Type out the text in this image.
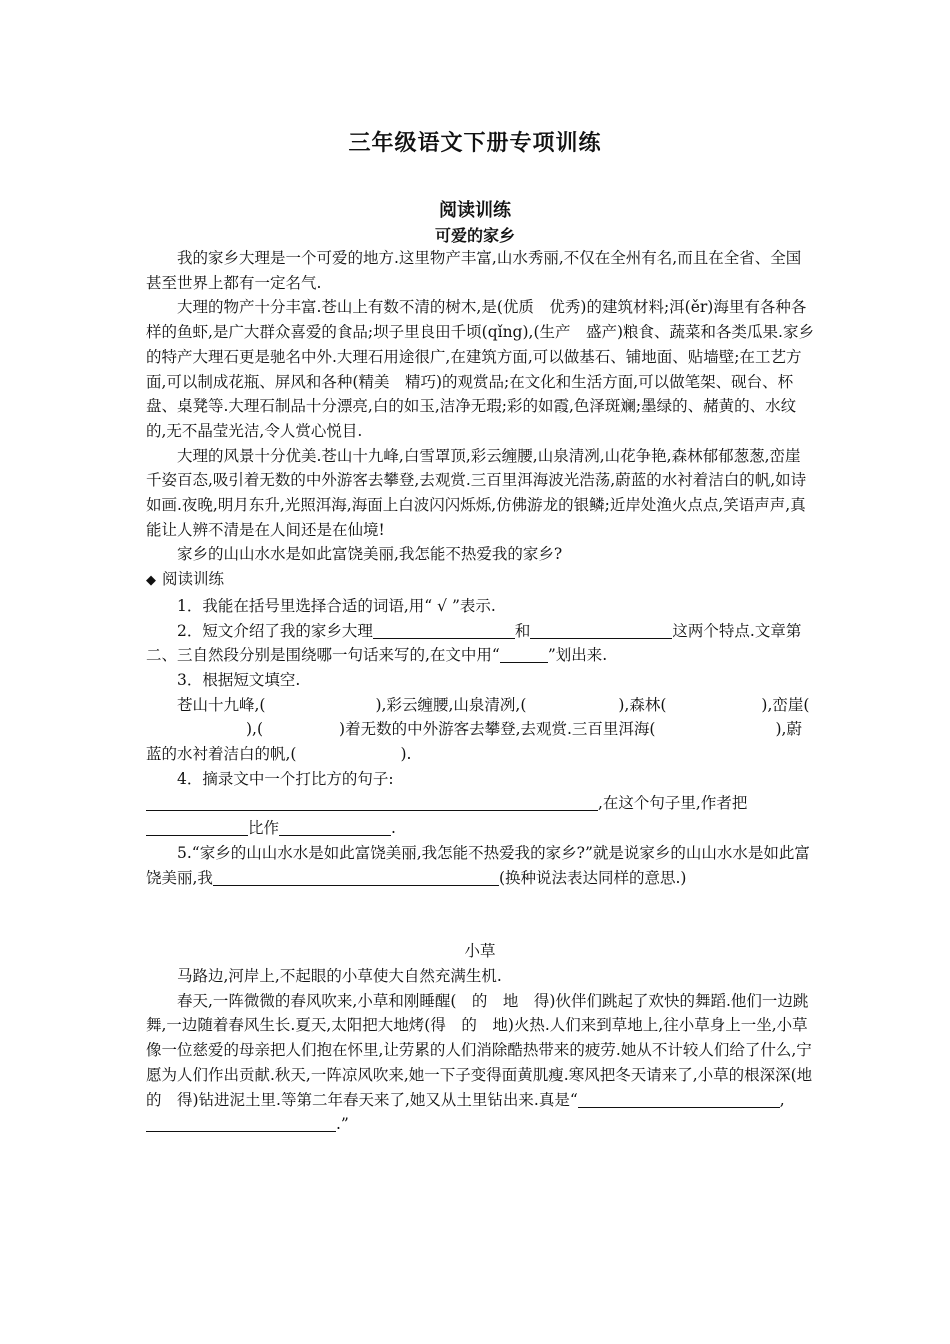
三年级语文下册专项训练
阅读训练
可爱的家乡

我的家乡大理是一个可爱的地方.这里物产丰富,山水秀丽,不仅在全州有名,而且在全省、全国甚至世界上都有一定名气.

大理的物产十分丰富.苍山上有数不清的树木,是(优质　优秀)的建筑材料;洱(ěr)海里有各种各样的鱼虾,是广大群众喜爱的食品;坝子里良田千顷(qǐng),(生产　盛产)粮食、蔬菜和各类瓜果.家乡的特产大理石更是驰名中外.大理石用途很广,在建筑方面,可以做基石、铺地面、贴墙壁;在工艺方面,可以制成花瓶、屏风和各种(精美　精巧)的观赏品;在文化和生活方面,可以做笔架、砚台、杯盘、桌凳等.大理石制品十分漂亮,白的如玉,洁净无瑕;彩的如霞,色泽斑斓;墨绿的、赭黄的、水纹的,无不晶莹光洁,令人赏心悦目.

大理的风景十分优美.苍山十九峰,白雪罩顶,彩云缠腰,山泉清冽,山花争艳,森林郁郁葱葱,峦崖千姿百态,吸引着无数的中外游客去攀登,去观赏.三百里洱海波光浩荡,蔚蓝的水衬着洁白的帆,如诗如画.夜晚,明月东升,光照洱海,海面上白波闪闪烁烁,仿佛游龙的银鳞;近岸处渔火点点,笑语声声,真能让人辨不清是在人间还是在仙境!

家乡的山山水水是如此富饶美丽,我怎能不热爱我的家乡?

◆ 阅读训练

1．我能在括号里选择合适的词语,用“ √ ”表示.

2．短文介绍了我的家乡大理	和	这两个特点.文章第二、三自然段分别是围绕哪一句话来写的,在文中用“	”划出来.

3．根据短文填空.

苍山十九峰,(	),彩云缠腰,山泉清冽,(	),森林(	),峦崖(),(	)着无数的中外游客去攀登,去观赏.三百里洱海(	),蔚蓝的水衬着洁白的帆,(	).

4．摘录文中一个打比方的句子:,在这个句子里,作者把比作	.

5.“家乡的山山水水是如此富饶美丽,我怎能不热爱我的家乡?”就是说家乡的山山水水是如此富饶美丽,我	(换种说法表达同样的意思.)

小草

马路边,河岸上,不起眼的小草使大自然充满生机.

春天,一阵微微的春风吹来,小草和刚睡醒(　的　地　得)伙伴们跳起了欢快的舞蹈.他们一边跳舞,一边随着春风生长.夏天,太阳把大地烤(得　的　地)火热.人们来到草地上,往小草身上一坐,小草像一位慈爱的母亲把人们抱在怀里,让劳累的人们消除酷热带来的疲劳.她从不计较人们给了什么,宁愿为人们作出贡献.秋天,一阵凉风吹来,她一下子变得面黄肌瘦.寒风把冬天请来了,小草的根深深(地　的　得)钻进泥土里.等第二年春天来了,她又从土里钻出来.真是“	,.”
